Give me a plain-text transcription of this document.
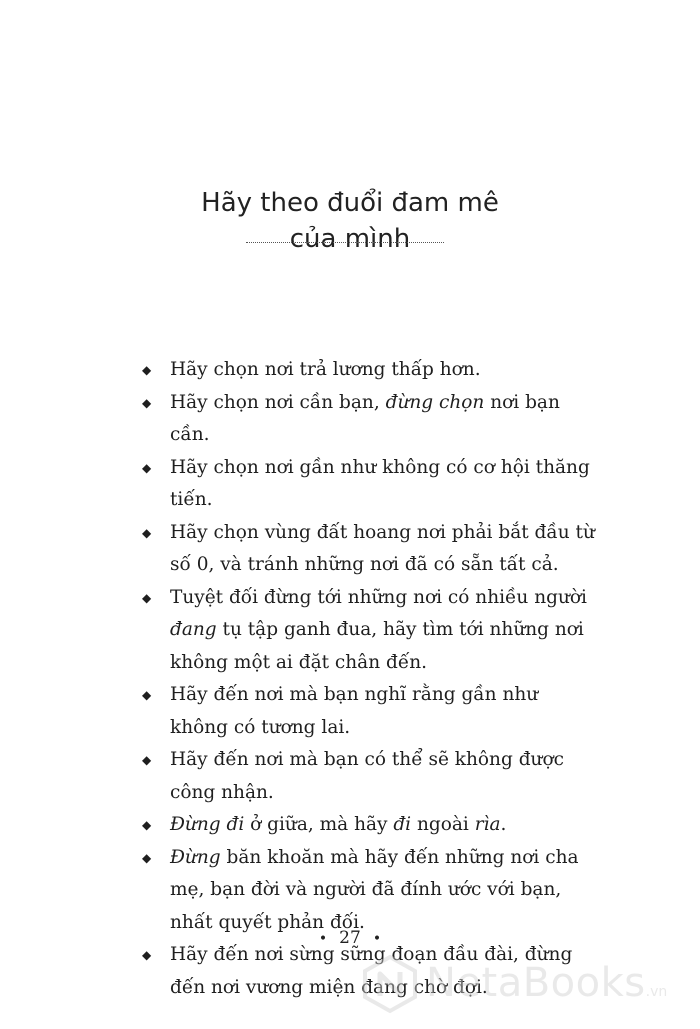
Hãy theo đuổi đam mê
của mình
◆ Hãy chọn nơi trả lương thấp hơn.
◆ Hãy chọn nơi cần bạn, đừng chọn nơi bạn cần.
◆ Hãy chọn nơi gần như không có cơ hội thăng tiến.
◆ Hãy chọn vùng đất hoang nơi phải bắt đầu từ số 0, và tránh những nơi đã có sẵn tất cả.
◆ Tuyệt đối đừng tới những nơi có nhiều người đang tụ tập ganh đua, hãy tìm tới những nơi không một ai đặt chân đến.
◆ Hãy đến nơi mà bạn nghĩ rằng gần như không có tương lai.
◆ Hãy đến nơi mà bạn có thể sẽ không được công nhận.
◆ Đừng đi ở giữa, mà hãy đi ngoài rìa.
◆ Đừng băn khoăn mà hãy đến những nơi cha mẹ, bạn đời và người đã đính ước với bạn, nhất quyết phản đối.
◆ Hãy đến nơi sừng sững đoạn đầu đài, đừng đến nơi vương miện đang chờ đợi.
• 27 •
NetaBooks.vn
